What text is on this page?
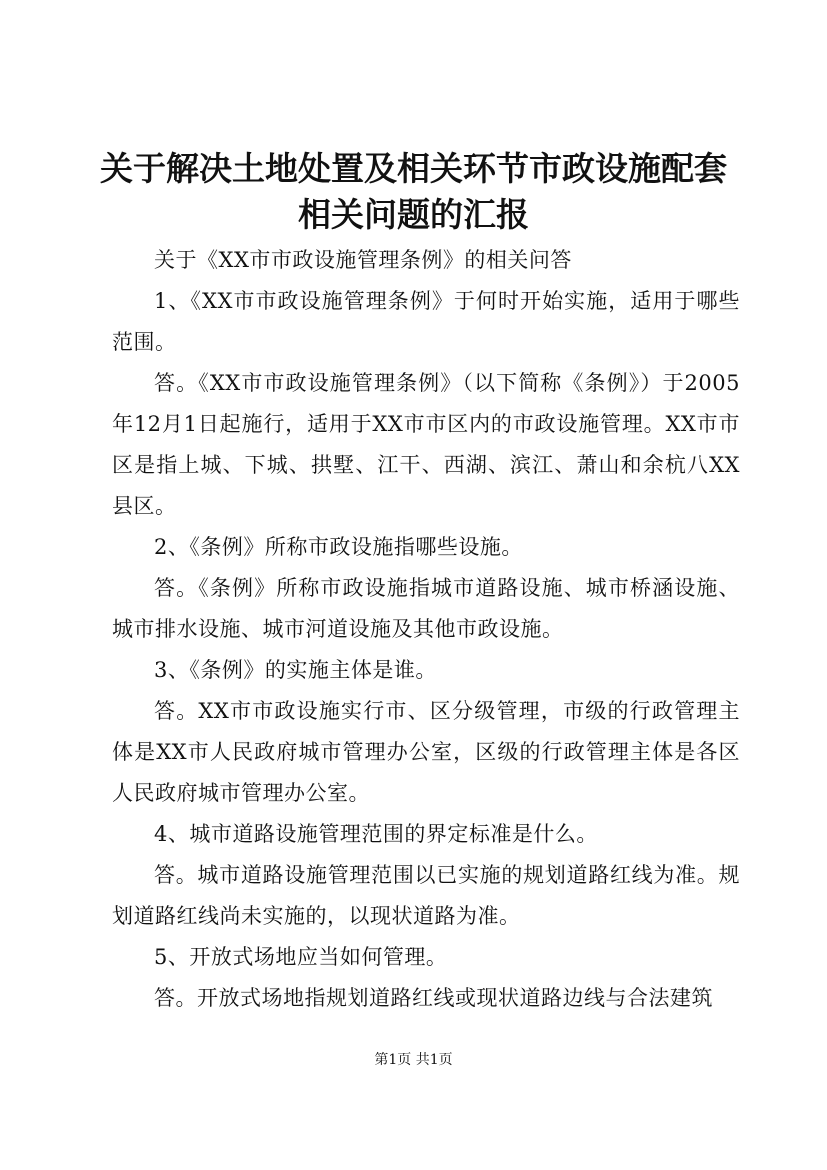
关于解决土地处置及相关环节市政设施配套相关问题的汇报

关于《XX市市政设施管理条例》的相关问答

1、《XX市市政设施管理条例》于何时开始实施，适用于哪些范围。

答。《XX市市政设施管理条例》（以下简称《条例》）于2005年12月1日起施行，适用于XX市市区内的市政设施管理。XX市市区是指上城、下城、拱墅、江干、西湖、滨江、萧山和余杭八XX县区。

2、《条例》所称市政设施指哪些设施。

答。《条例》所称市政设施指城市道路设施、城市桥涵设施、城市排水设施、城市河道设施及其他市政设施。

3、《条例》的实施主体是谁。

答。XX市市政设施实行市、区分级管理，市级的行政管理主体是XX市人民政府城市管理办公室，区级的行政管理主体是各区人民政府城市管理办公室。

4、城市道路设施管理范围的界定标准是什么。

答。城市道路设施管理范围以已实施的规划道路红线为准。规划道路红线尚未实施的，以现状道路为准。

5、开放式场地应当如何管理。

答。开放式场地指规划道路红线或现状道路边线与合法建筑

第1页 共1页
